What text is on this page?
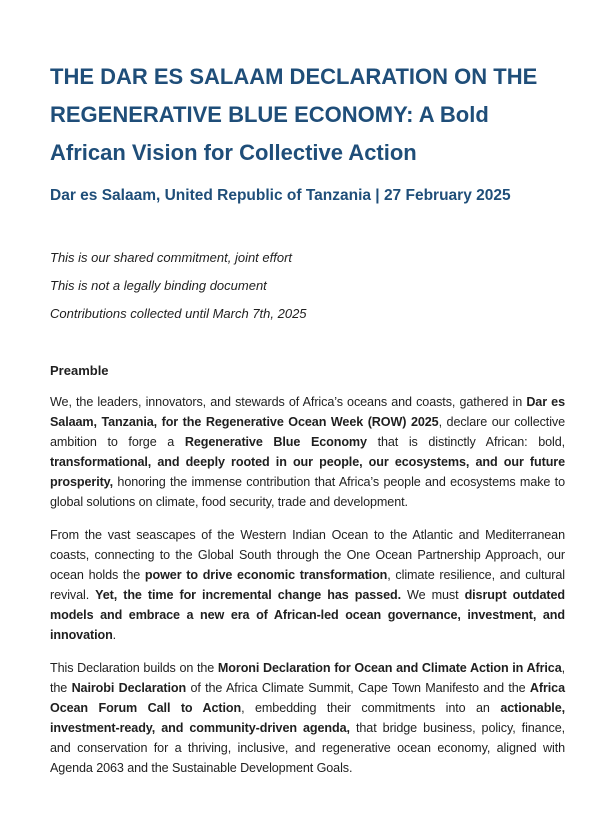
THE DAR ES SALAAM DECLARATION ON THE
REGENERATIVE BLUE ECONOMY: A Bold
African Vision for Collective Action
Dar es Salaam, United Republic of Tanzania | 27 February 2025

This is our shared commitment, joint effort

This is not a legally binding document

Contributions collected until March 7th, 2025

Preamble

We, the leaders, innovators, and stewards of Africa’s oceans and coasts, gathered in Dar es Salaam, Tanzania, for the Regenerative Ocean Week (ROW) 2025, declare our collective ambition to forge a Regenerative Blue Economy that is distinctly African: bold, transformational, and deeply rooted in our people, our ecosystems, and our future prosperity, honoring the immense contribution that Africa’s people and ecosystems make to global solutions on climate, food security, trade and development.

From the vast seascapes of the Western Indian Ocean to the Atlantic and Mediterranean coasts, connecting to the Global South through the One Ocean Partnership Approach, our ocean holds the power to drive economic transformation, climate resilience, and cultural revival. Yet, the time for incremental change has passed. We must disrupt outdated models and embrace a new era of African-led ocean governance, investment, and innovation.

This Declaration builds on the Moroni Declaration for Ocean and Climate Action in Africa, the Nairobi Declaration of the Africa Climate Summit, Cape Town Manifesto and the Africa Ocean Forum Call to Action, embedding their commitments into an actionable, investment-ready, and community-driven agenda, that bridge business, policy, finance, and conservation for a thriving, inclusive, and regenerative ocean economy, aligned with Agenda 2063 and the Sustainable Development Goals.
